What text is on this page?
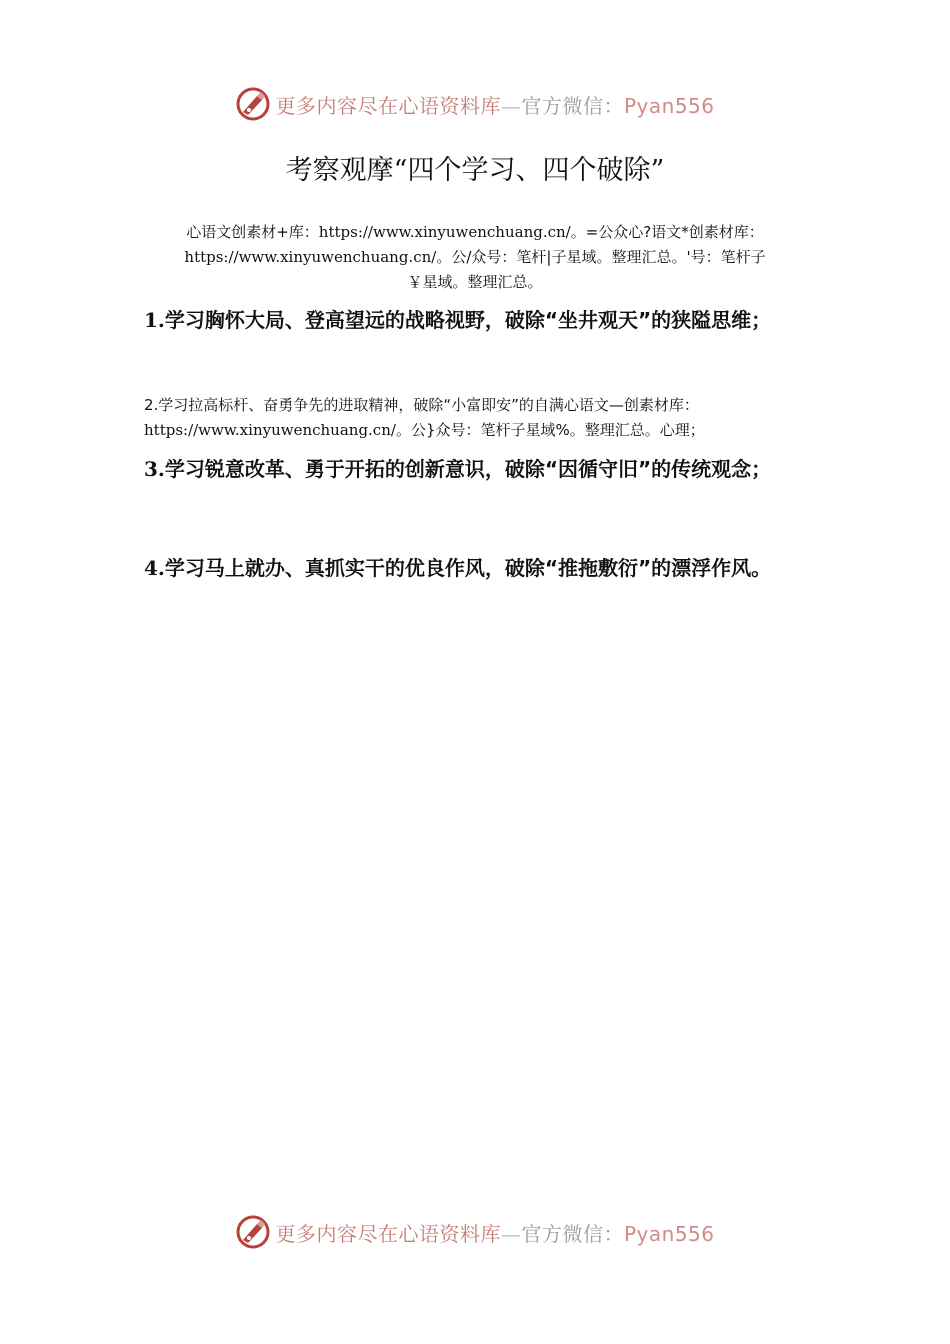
更多内容尽在心语资料库—官方微信：Pyan556
考察观摩“四个学习、四个破除”
心语文创素材+库：https://www.xinyuwenchuang.cn/。=公众心?语文*创素材库：
https://www.xinyuwenchuang.cn/。公/众号：笔杆|子星域。整理汇总。'号：笔杆子
￥星域。整理汇总。

1.学习胸怀大局、登高望远的战略视野，破除“坐井观天”的狭隘思维；

2.学习拉高标杆、奋勇争先的进取精神，破除“小富即安”的自满心语文—创素材库：
https://www.xinyuwenchuang.cn/。公}众号：笔杆子星域%。整理汇总。心理；

3.学习锐意改革、勇于开拓的创新意识，破除“因循守旧”的传统观念；

4.学习马上就办、真抓实干的优良作风，破除“推拖敷衍”的漂浮作风。

更多内容尽在心语资料库—官方微信：Pyan556
